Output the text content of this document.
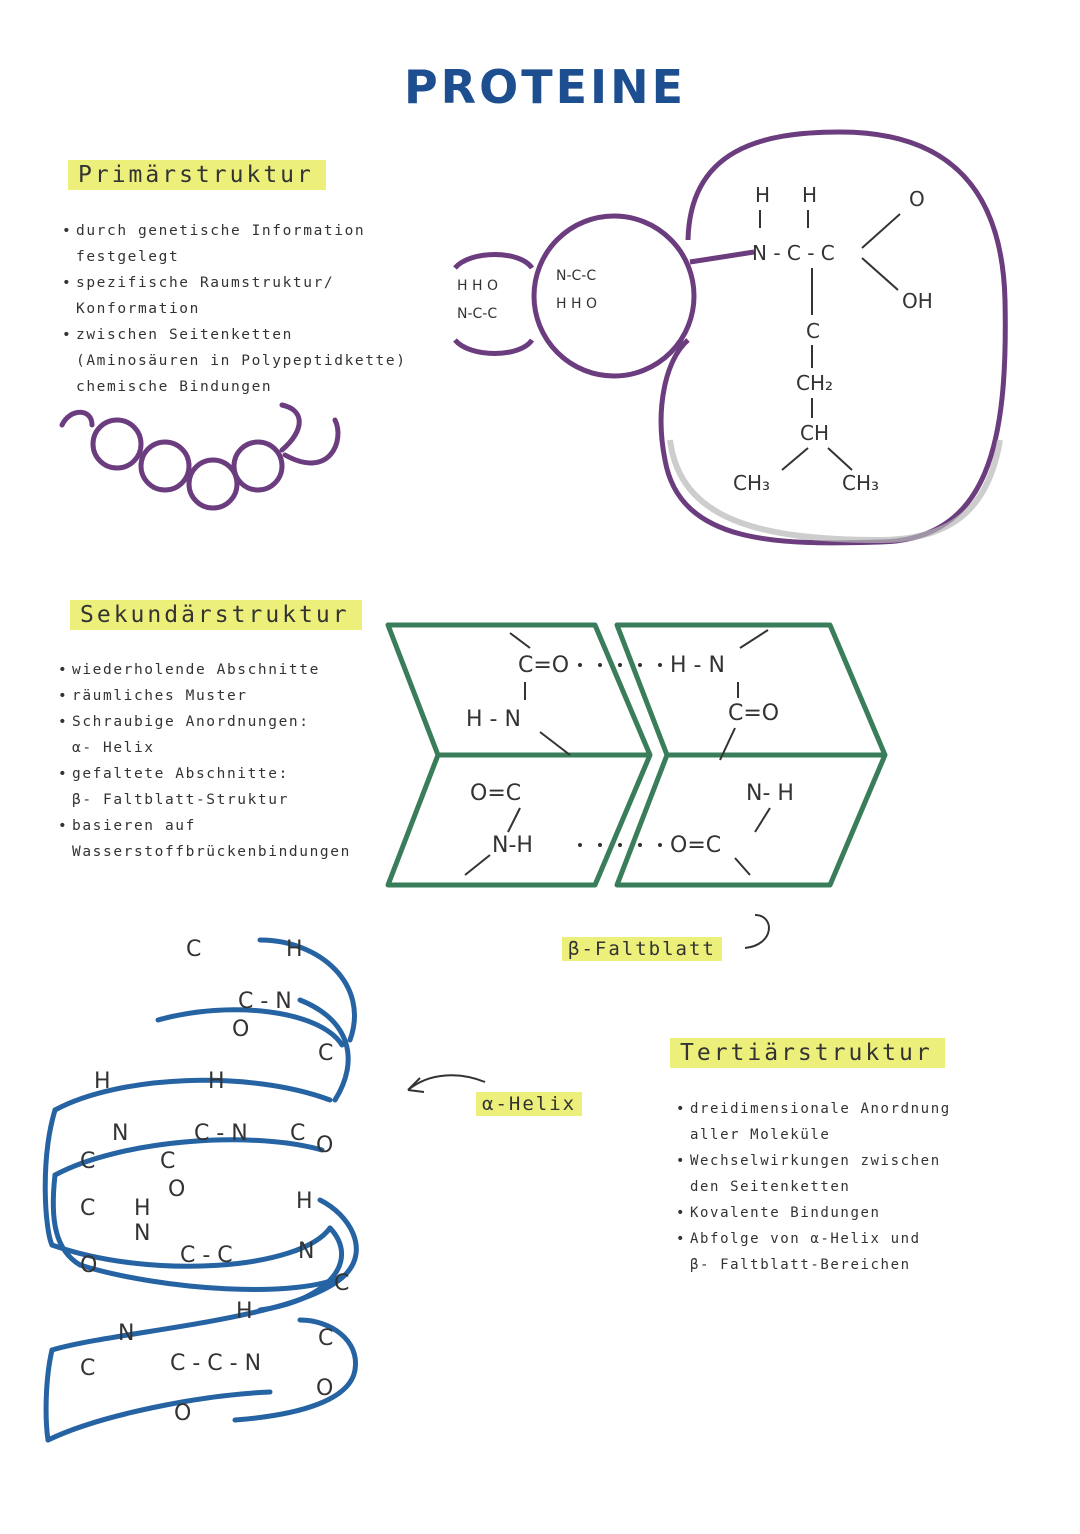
PROTEINE
Primärstruktur
• durch genetische Information
festgelegt
• spezifische Raumstruktur/
Konformation
• zwischen Seitenketten
(Aminosäuren in Polypeptidkette)
chemische Bindungen
Sekundärstruktur
• wiederholende Abschnitte
• räumliches Muster
• Schraubige Anordnungen:
α- Helix
• gefaltete Abschnitte:
β- Faltblatt-Struktur
• basieren auf
Wasserstoffbrückenbindungen
Tertiärstruktur
• dreidimensionale Anordnung
aller Moleküle
• Wechselwirkungen zwischen
den Seitenketten
• Kovalente Bindungen
• Abfolge von α-Helix und
β- Faltblatt-Bereichen
β-Faltblatt
α-Helix
H H O
N-C-C
N-C-C
H H O
H H	O
N - C - C
OH
C
CH₂
CH
CH₃	CH₃
C=O	H - N
H - N	C=O
O=C	N- H
N-H	O=C
C	H
C - N
O
C
H	H
N	C - N C
C	C
O
C H
O	H
N
C - C	N
C
O
N
C	C - C - N
H
C
O
O
